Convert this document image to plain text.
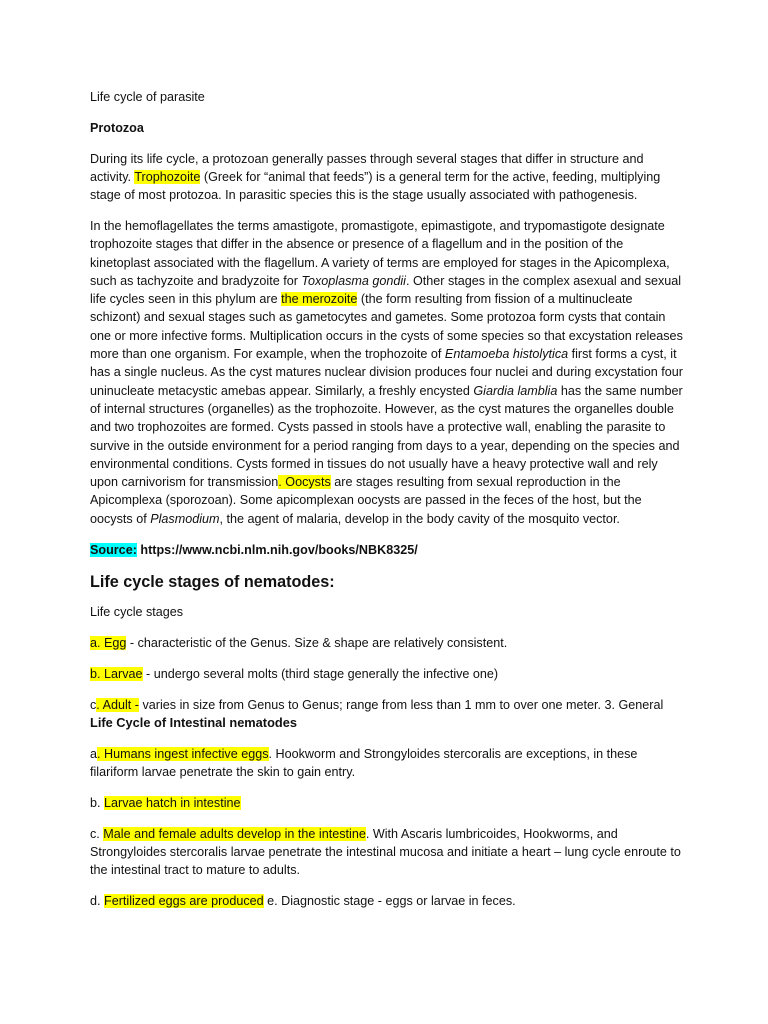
Life cycle of parasite

Protozoa

During its life cycle, a protozoan generally passes through several stages that differ in structure and activity. Trophozoite (Greek for “animal that feeds”) is a general term for the active, feeding, multiplying stage of most protozoa. In parasitic species this is the stage usually associated with pathogenesis.

In the hemoflagellates the terms amastigote, promastigote, epimastigote, and trypomastigote designate trophozoite stages that differ in the absence or presence of a flagellum and in the position of the kinetoplast associated with the flagellum. A variety of terms are employed for stages in the Apicomplexa, such as tachyzoite and bradyzoite for Toxoplasma gondii. Other stages in the complex asexual and sexual life cycles seen in this phylum are the merozoite (the form resulting from fission of a multinucleate schizont) and sexual stages such as gametocytes and gametes. Some protozoa form cysts that contain one or more infective forms. Multiplication occurs in the cysts of some species so that excystation releases more than one organism. For example, when the trophozoite of Entamoeba histolytica first forms a cyst, it has a single nucleus. As the cyst matures nuclear division produces four nuclei and during excystation four uninucleate metacystic amebas appear. Similarly, a freshly encysted Giardia lamblia has the same number of internal structures (organelles) as the trophozoite. However, as the cyst matures the organelles double and two trophozoites are formed. Cysts passed in stools have a protective wall, enabling the parasite to survive in the outside environment for a period ranging from days to a year, depending on the species and environmental conditions. Cysts formed in tissues do not usually have a heavy protective wall and rely upon carnivorism for transmission. Oocysts are stages resulting from sexual reproduction in the Apicomplexa (sporozoan). Some apicomplexan oocysts are passed in the feces of the host, but the oocysts of Plasmodium, the agent of malaria, develop in the body cavity of the mosquito vector.

Source: https://www.ncbi.nlm.nih.gov/books/NBK8325/

Life cycle stages of nematodes:

Life cycle stages

a. Egg - characteristic of the Genus. Size & shape are relatively consistent.

b. Larvae - undergo several molts (third stage generally the infective one)

c. Adult - varies in size from Genus to Genus; range from less than 1 mm to over one meter. 3. General

Life Cycle of Intestinal nematodes

a. Humans ingest infective eggs. Hookworm and Strongyloides stercoralis are exceptions, in these filariform larvae penetrate the skin to gain entry.

b. Larvae hatch in intestine

c. Male and female adults develop in the intestine. With Ascaris lumbricoides, Hookworms, and Strongyloides stercoralis larvae penetrate the intestinal mucosa and initiate a heart – lung cycle enroute to the intestinal tract to mature to adults.

d. Fertilized eggs are produced e. Diagnostic stage - eggs or larvae in feces.
